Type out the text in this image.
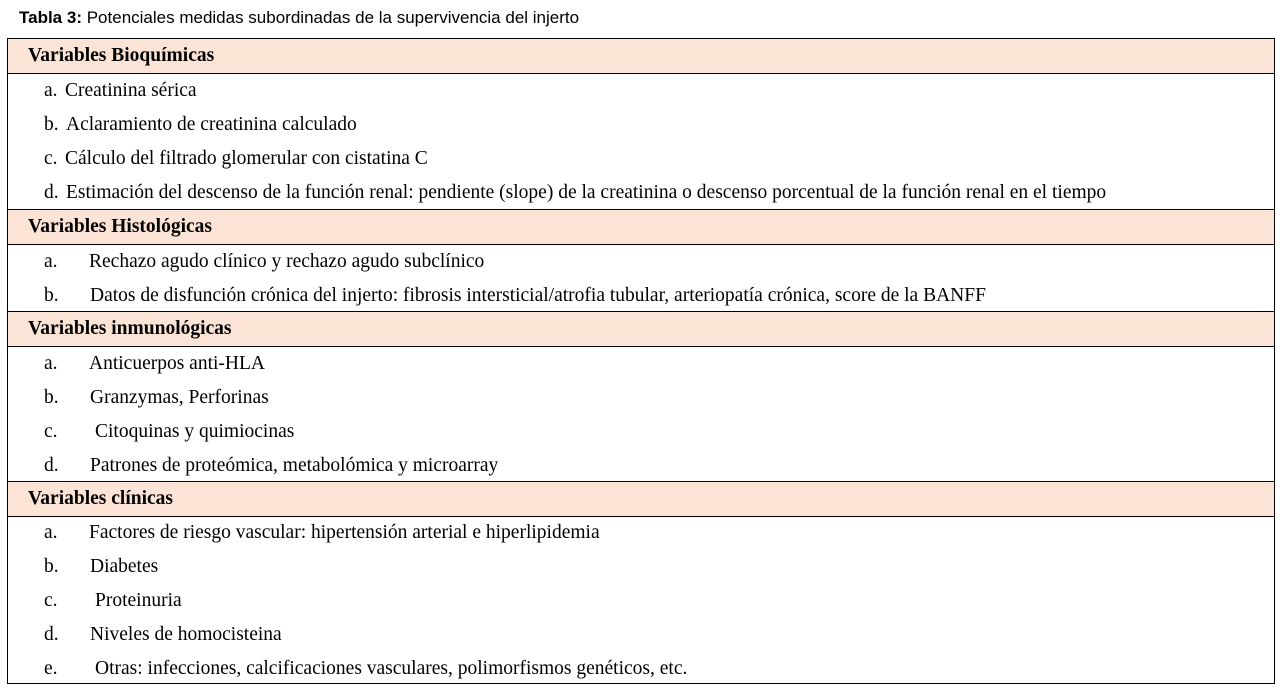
Tabla 3: Potenciales medidas subordinadas de la supervivencia del injerto
Variables Bioquímicas
a. Creatinina sérica
b. Aclaramiento de creatinina calculado
c. Cálculo del filtrado glomerular con cistatina C
d. Estimación del descenso de la función renal: pendiente (slope) de la creatinina o descenso porcentual de la función renal en el tiempo
Variables Histológicas
a. Rechazo agudo clínico y rechazo agudo subclínico
b. Datos de disfunción crónica del injerto: fibrosis intersticial/atrofia tubular, arteriopatía crónica, score de la BANFF
Variables inmunológicas
a. Anticuerpos anti-HLA
b. Granzymas, Perforinas
c. Citoquinas y quimiocinas
d. Patrones de proteómica, metabolómica y microarray
Variables clínicas
a. Factores de riesgo vascular: hipertensión arterial e hiperlipidemia
b. Diabetes
c. Proteinuria
d. Niveles de homocisteina
e. Otras: infecciones, calcificaciones vasculares, polimorfismos genéticos, etc.
